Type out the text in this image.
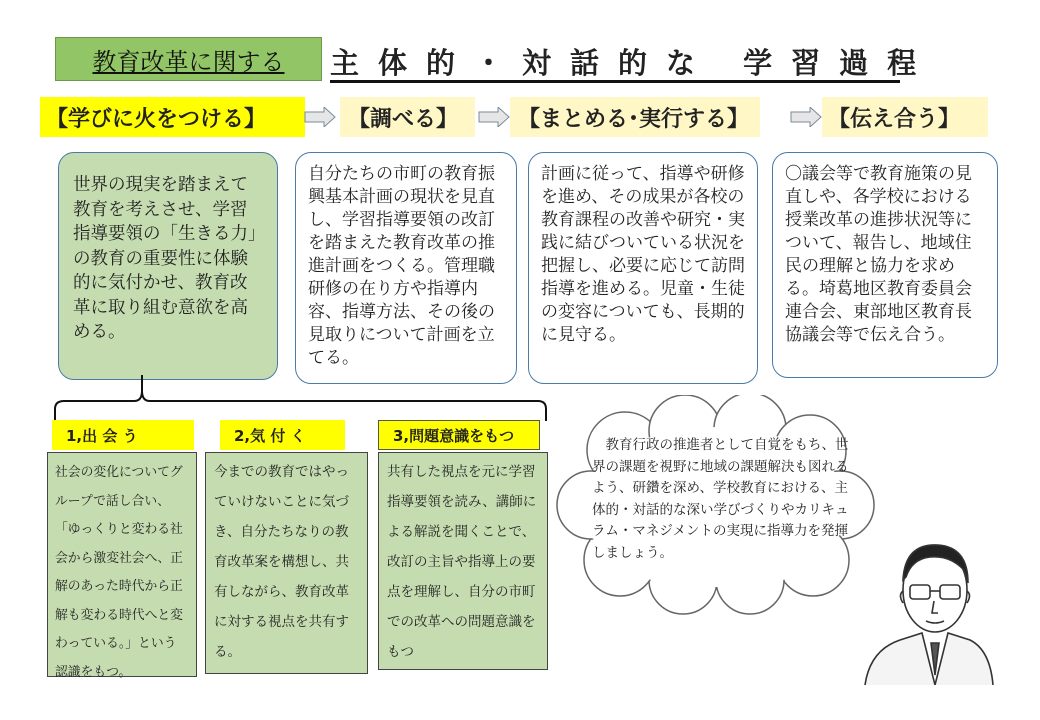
教育改革に関する 主体的・対話的な 学習過程
【学びに火をつける】	【調べる】	【まとめる･実行する】	【伝え合う】
世界の現実を踏まえて教育を考えさせ、学習指導要領の「生きる力」の教育の重要性に体験的に気付かせ、教育改革に取り組む意欲を高める。
自分たちの市町の教育振興基本計画の現状を見直し、学習指導要領の改訂を踏まえた教育改革の推進計画をつくる。管理職研修の在り方や指導内容、指導方法、その後の見取りについて計画を立てる。
計画に従って、指導や研修を進め、その成果が各校の教育課程の改善や研究・実践に結びついている状況を把握し、必要に応じて訪問指導を進める。児童・生徒の変容についても、長期的に見守る。
〇議会等で教育施策の見直しや、各学校における授業改革の進捗状況等について、報告し、地域住民の理解と協力を求める。埼葛地区教育委員会連合会、東部地区教育長協議会等で伝え合う。
1,出 会 う	2,気 付 く	3,問題意識をもつ
社会の変化についてグループで話し合い、「ゆっくりと変わる社会から激変社会へ、正解のあった時代から正解も変わる時代へと変わっている。」という認識をもつ。
今までの教育ではやっていけないことに気づき、自分たちなりの教育改革案を構想し、共有しながら、教育改革に対する視点を共有する。
共有した視点を元に学習指導要領を読み、講師による解説を聞くことで、改訂の主旨や指導上の要点を理解し、自分の市町での改革への問題意識をもつ
　教育行政の推進者として自覚をもち、世界の課題を視野に地域の課題解決も図れるよう、研鑽を深め、学校教育における、主体的・対話的な深い学びづくりやカリキュラム・マネジメントの実現に指導力を発揮しましょう。
